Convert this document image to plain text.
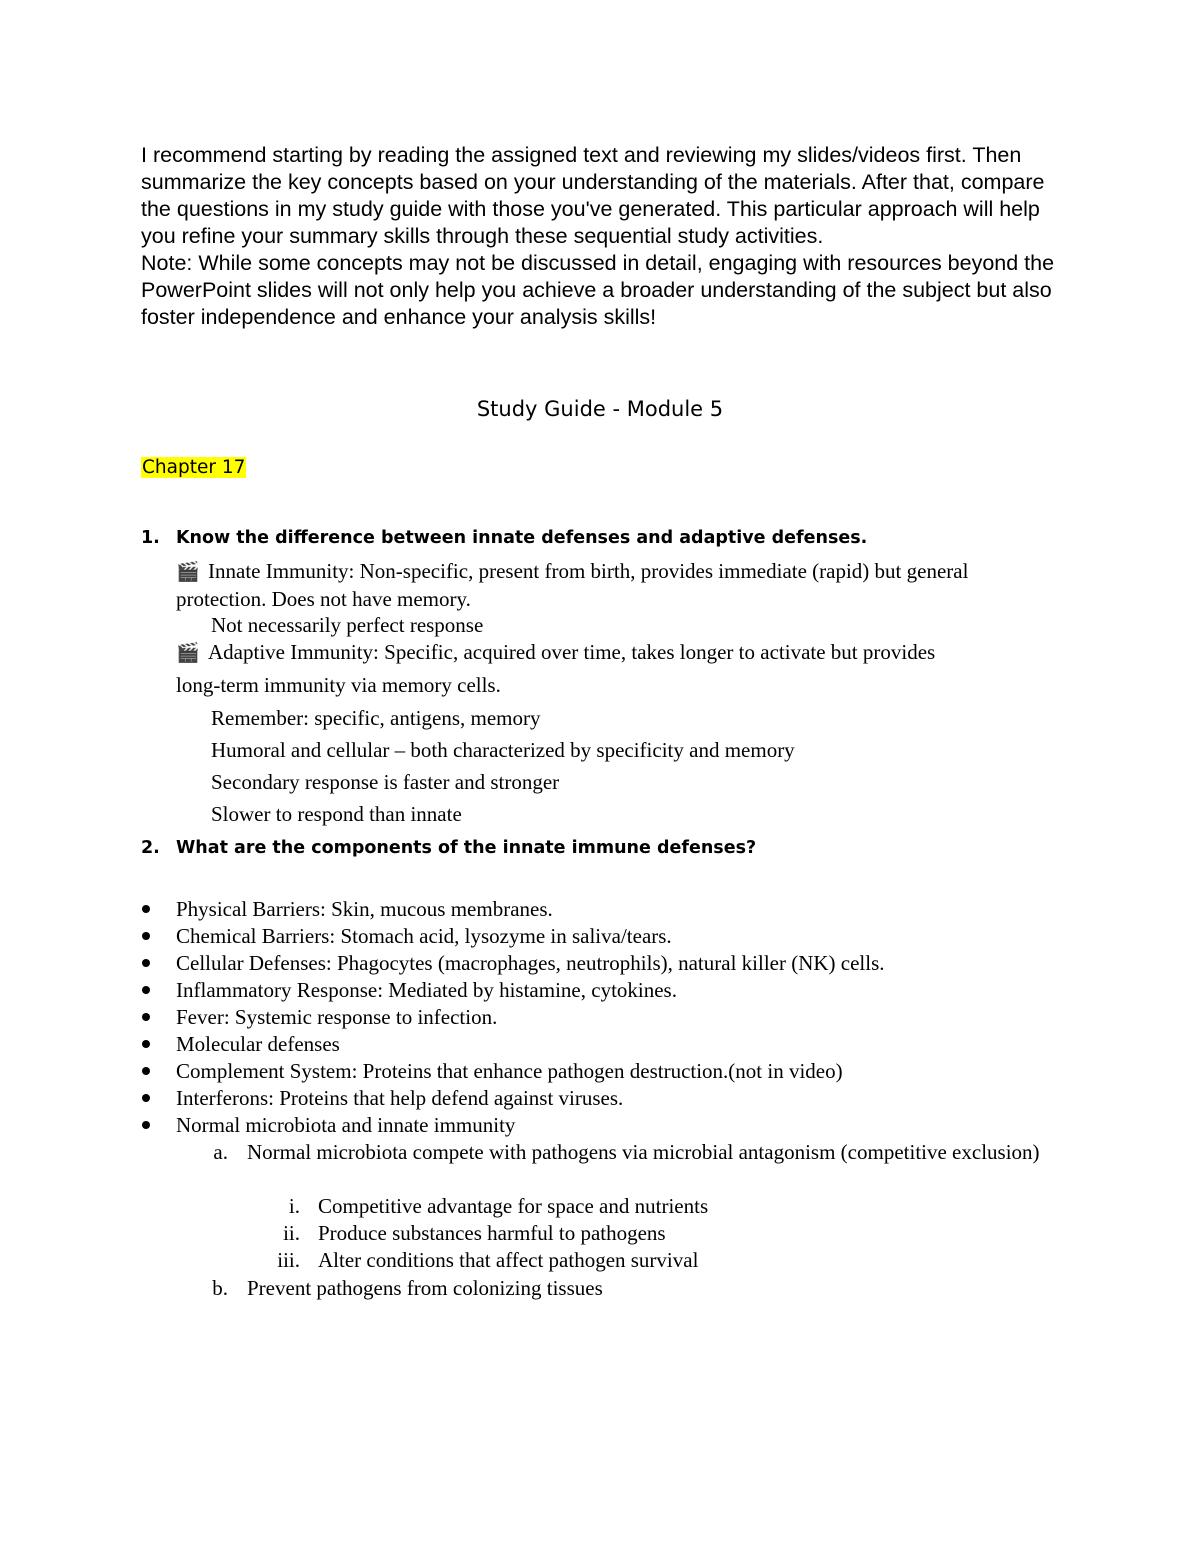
I recommend starting by reading the assigned text and reviewing my slides/videos first. Then summarize the key concepts based on your understanding of the materials. After that, compare the questions in my study guide with those you've generated. This particular approach will help you refine your summary skills through these sequential study activities.

Note: While some concepts may not be discussed in detail, engaging with resources beyond the PowerPoint slides will not only help you achieve a broader understanding of the subject but also foster independence and enhance your analysis skills!

Study Guide - Module 5
Chapter 17
1. Know the difference between innate defenses and adaptive defenses.
🎬 Innate Immunity: Non-specific, present from birth, provides immediate (rapid) but general protection. Does not have memory.
Not necessarily perfect response
🎬 Adaptive Immunity: Specific, acquired over time, takes longer to activate but provides
long-term immunity via memory cells.
Remember: specific, antigens, memory
Humoral and cellular – both characterized by specificity and memory
Secondary response is faster and stronger
Slower to respond than innate
2. What are the components of the innate immune defenses?
Physical Barriers: Skin, mucous membranes.
Chemical Barriers: Stomach acid, lysozyme in saliva/tears.
Cellular Defenses: Phagocytes (macrophages, neutrophils), natural killer (NK) cells.
Inflammatory Response: Mediated by histamine, cytokines.
Fever: Systemic response to infection.
Molecular defenses
Complement System: Proteins that enhance pathogen destruction.(not in video)
Interferons: Proteins that help defend against viruses.
Normal microbiota and innate immunity
a. Normal microbiota compete with pathogens via microbial antagonism (competitive exclusion)
i. Competitive advantage for space and nutrients
ii. Produce substances harmful to pathogens
iii. Alter conditions that affect pathogen survival
b. Prevent pathogens from colonizing tissues
